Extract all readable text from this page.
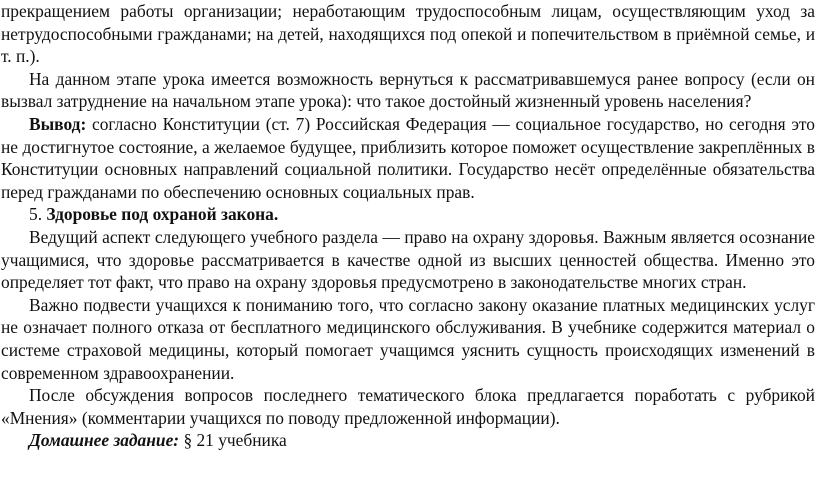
прекращением работы организации; неработающим трудоспособным лицам, осуществляющим уход за нетрудоспособными гражданами; на детей, находящихся под опекой и попечительством в приёмной семье, и т. п.).

На данном этапе урока имеется возможность вернуться к рассматривавшемуся ранее вопросу (если он вызвал затруднение на начальном этапе урока): что такое достойный жизненный уровень населения?

Вывод: согласно Конституции (ст. 7) Российская Федерация — социальное государство, но сегодня это не достигнутое состояние, а желаемое будущее, приблизить которое поможет осуществление закреплённых в Конституции основных направлений социальной политики. Государство несёт определённые обязательства перед гражданами по обеспечению основных социальных прав.

5. Здоровье под охраной закона.

Ведущий аспект следующего учебного раздела — право на охрану здоровья. Важным является осознание учащимися, что здоровье рассматривается в качестве одной из высших ценностей общества. Именно это определяет тот факт, что право на охрану здоровья предусмотрено в законодательстве многих стран.

Важно подвести учащихся к пониманию того, что согласно закону оказание платных медицинских услуг не означает полного отказа от бесплатного медицинского обслуживания. В учебнике содержится материал о системе страховой медицины, который помогает учащимся уяснить сущность происходящих изменений в современном здравоохранении.

После обсуждения вопросов последнего тематического блока предлагается поработать с рубрикой «Мнения» (комментарии учащихся по поводу предложенной информации).

Домашнее задание: § 21 учебника
